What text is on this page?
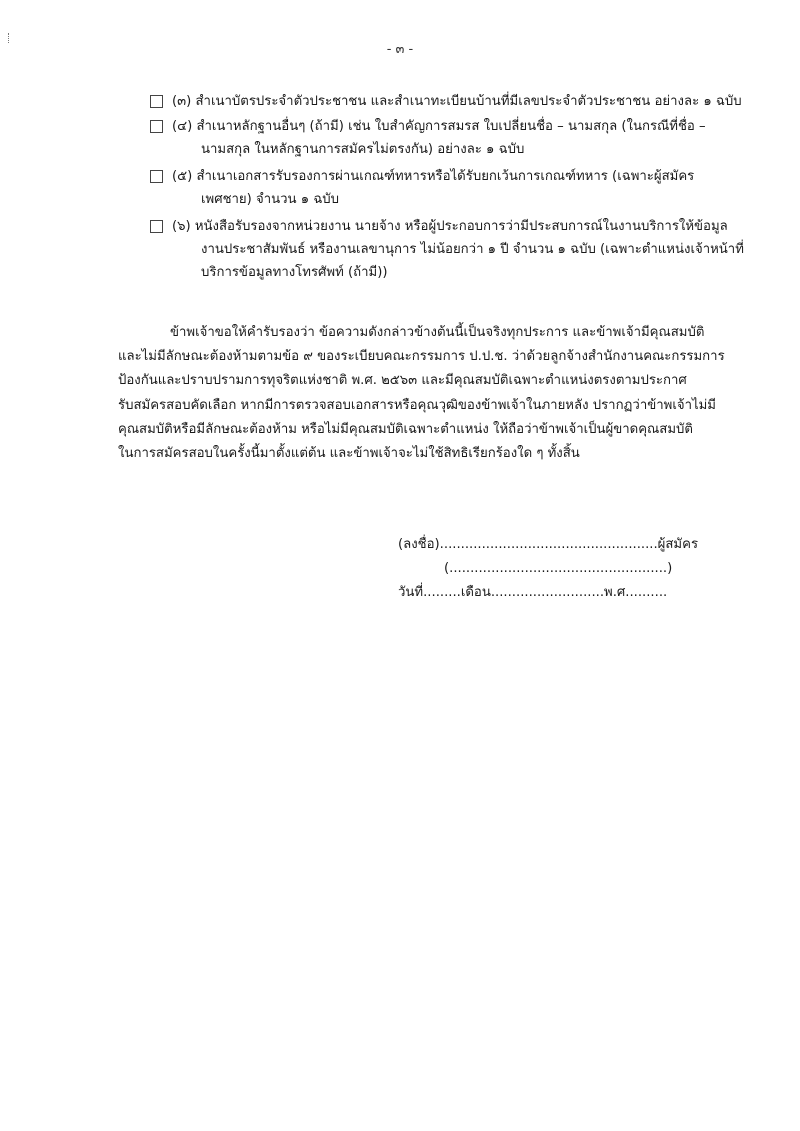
- ๓ -
(๓) สำเนาบัตรประจำตัวประชาชน และสำเนาทะเบียนบ้านที่มีเลขประจำตัวประชาชน อย่างละ ๑ ฉบับ
(๔) สำเนาหลักฐานอื่นๆ (ถ้ามี) เช่น ใบสำคัญการสมรส ใบเปลี่ยนชื่อ – นามสกุล (ในกรณีที่ชื่อ –
นามสกุล ในหลักฐานการสมัครไม่ตรงกัน) อย่างละ ๑ ฉบับ
(๕) สำเนาเอกสารรับรองการผ่านเกณฑ์ทหารหรือได้รับยกเว้นการเกณฑ์ทหาร (เฉพาะผู้สมัคร
เพศชาย) จำนวน ๑ ฉบับ
(๖) หนังสือรับรองจากหน่วยงาน นายจ้าง หรือผู้ประกอบการว่ามีประสบการณ์ในงานบริการให้ข้อมูล
งานประชาสัมพันธ์ หรืองานเลขานุการ ไม่น้อยกว่า ๑ ปี จำนวน ๑ ฉบับ (เฉพาะตำแหน่งเจ้าหน้าที่
บริการข้อมูลทางโทรศัพท์ (ถ้ามี))
ข้าพเจ้าขอให้คำรับรองว่า ข้อความดังกล่าวข้างต้นนี้เป็นจริงทุกประการ และข้าพเจ้ามีคุณสมบัติ
และไม่มีลักษณะต้องห้ามตามข้อ ๙ ของระเบียบคณะกรรมการ ป.ป.ช. ว่าด้วยลูกจ้างสำนักงานคณะกรรมการ
ป้องกันและปราบปรามการทุจริตแห่งชาติ พ.ศ. ๒๕๖๓ และมีคุณสมบัติเฉพาะตำแหน่งตรงตามประกาศ
รับสมัครสอบคัดเลือก หากมีการตรวจสอบเอกสารหรือคุณวุฒิของข้าพเจ้าในภายหลัง ปรากฏว่าข้าพเจ้าไม่มี
คุณสมบัติหรือมีลักษณะต้องห้าม หรือไม่มีคุณสมบัติเฉพาะตำแหน่ง ให้ถือว่าข้าพเจ้าเป็นผู้ขาดคุณสมบัติ
ในการสมัครสอบในครั้งนี้มาตั้งแต่ต้น และข้าพเจ้าจะไม่ใช้สิทธิเรียกร้องใด ๆ ทั้งสิ้น
(ลงชื่อ)....................................................ผู้สมัคร
(....................................................)
วันที่.........เดือน...........................พ.ศ..........
